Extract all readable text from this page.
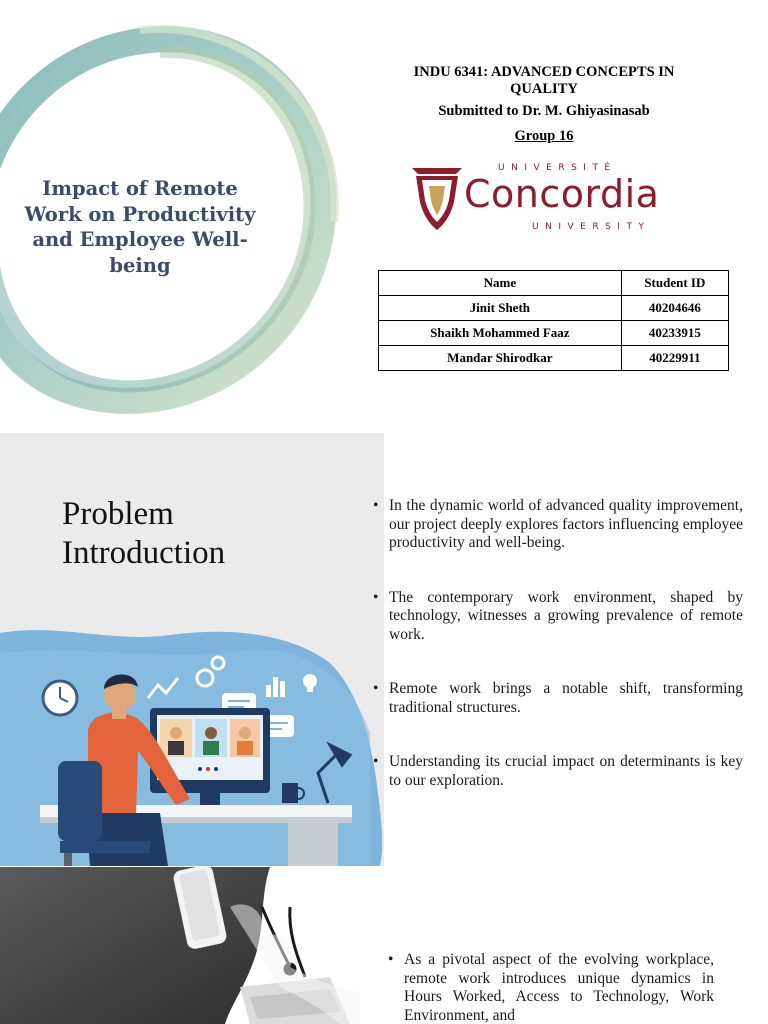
Impact of Remote Work on Productivity and Employee Well-being
INDU 6341: ADVANCED CONCEPTS IN QUALITY
Submitted to Dr. M. Ghiyasinasab
Group 16
UNIVERSITÉ
Concordia
UNIVERSITY
Name	Student ID
Jinit Sheth	40204646
Shaikh Mohammed Faaz	40233915
Mandar Shirodkar	40229911
Problem
Introduction
• In the dynamic world of advanced quality improvement, our project deeply explores factors influencing employee productivity and well-being.
• The contemporary work environment, shaped by technology, witnesses a growing prevalence of remote work.
• Remote work brings a notable shift, transforming traditional structures.
• Understanding its crucial impact on determinants is key to our exploration.
• As a pivotal aspect of the evolving workplace, remote work introduces unique dynamics in Hours Worked, Access to Technology, Work Environment, and
